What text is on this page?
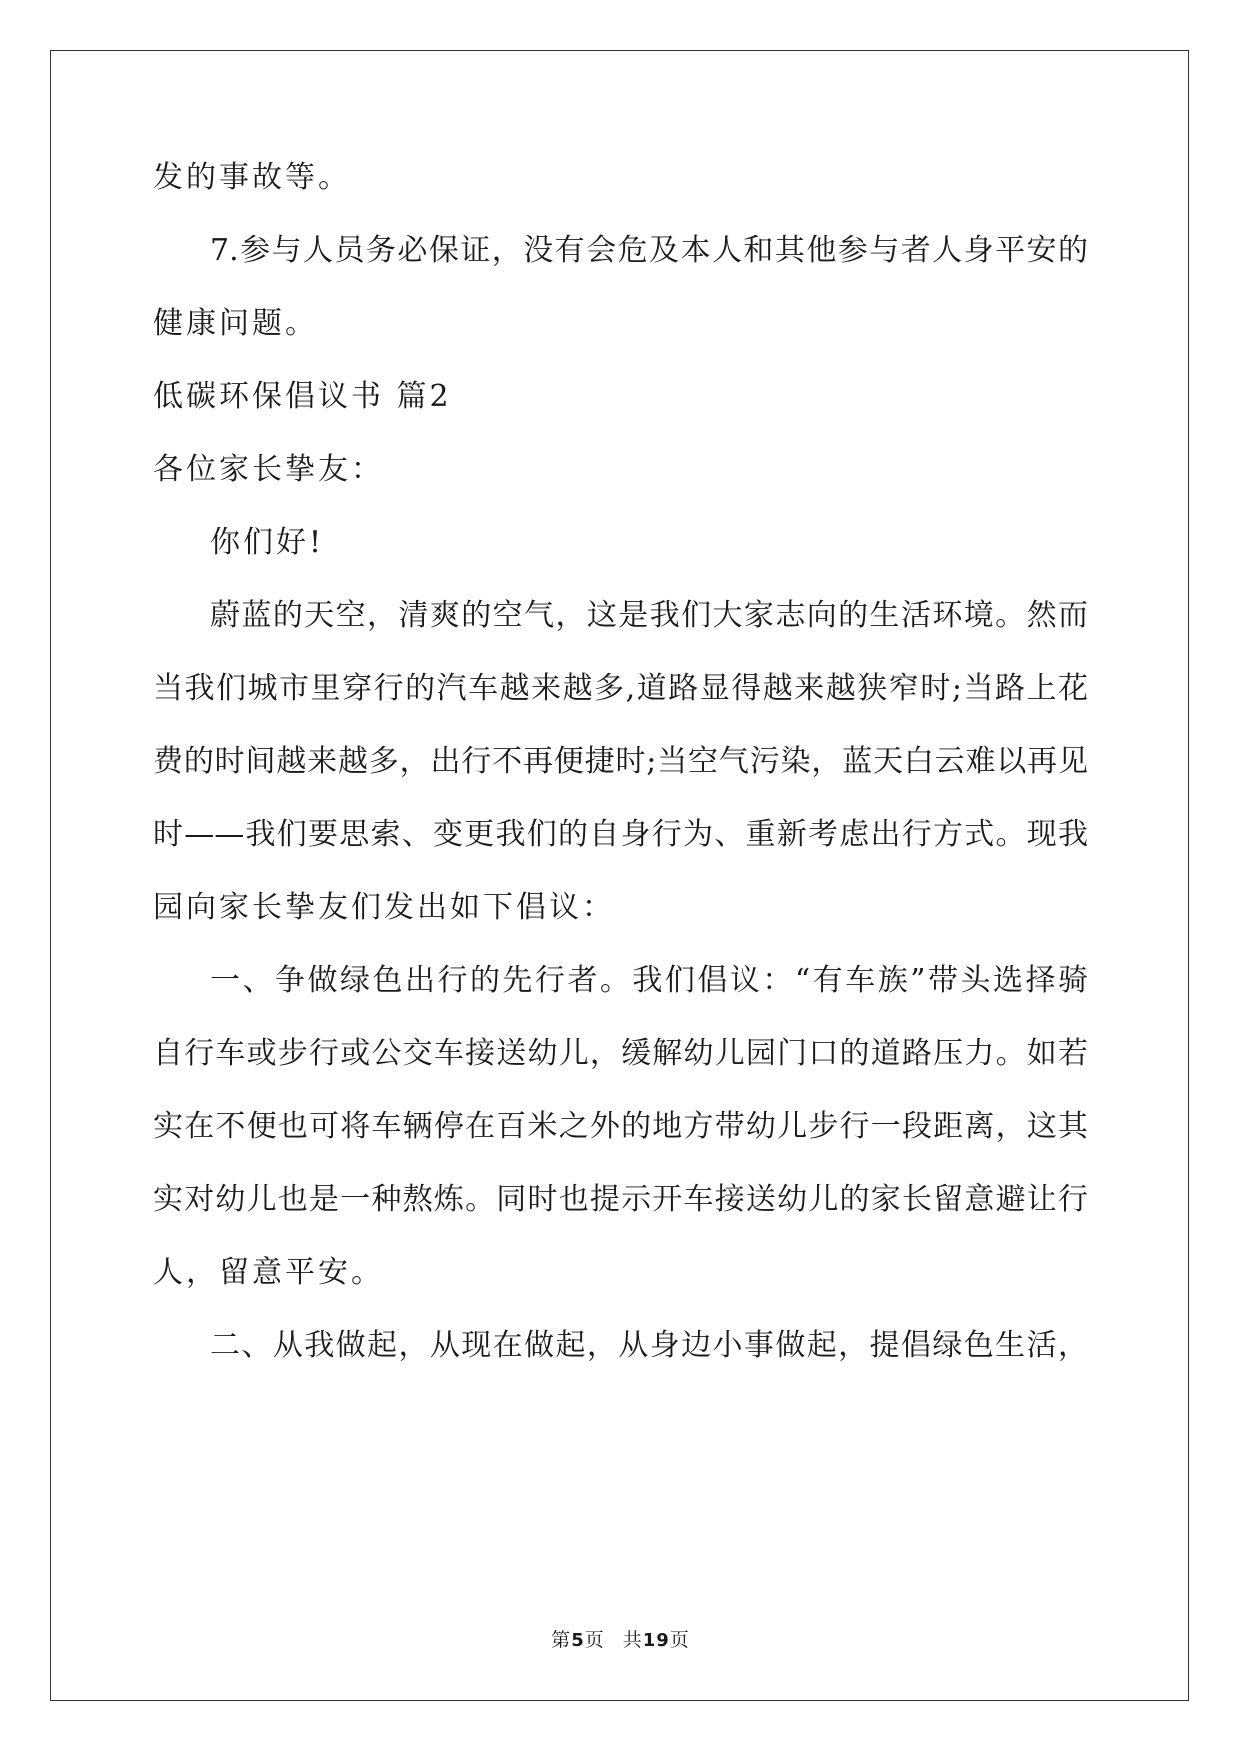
发的事故等。
7.参与人员务必保证，没有会危及本人和其他参与者人身平安的
健康问题。
低碳环保倡议书 篇2
各位家长挚友：
你们好!
蔚蓝的天空，清爽的空气，这是我们大家志向的生活环境。然而
当我们城市里穿行的汽车越来越多,道路显得越来越狭窄时;当路上花
费的时间越来越多，出行不再便捷时;当空气污染，蓝天白云难以再见
时——我们要思索、变更我们的自身行为、重新考虑出行方式。现我
园向家长挚友们发出如下倡议：
一、争做绿色出行的先行者。我们倡议：“有车族”带头选择骑
自行车或步行或公交车接送幼儿，缓解幼儿园门口的道路压力。如若
实在不便也可将车辆停在百米之外的地方带幼儿步行一段距离，这其
实对幼儿也是一种熬炼。同时也提示开车接送幼儿的家长留意避让行
人，留意平安。
二、从我做起，从现在做起，从身边小事做起，提倡绿色生活，
第5页 共19页
